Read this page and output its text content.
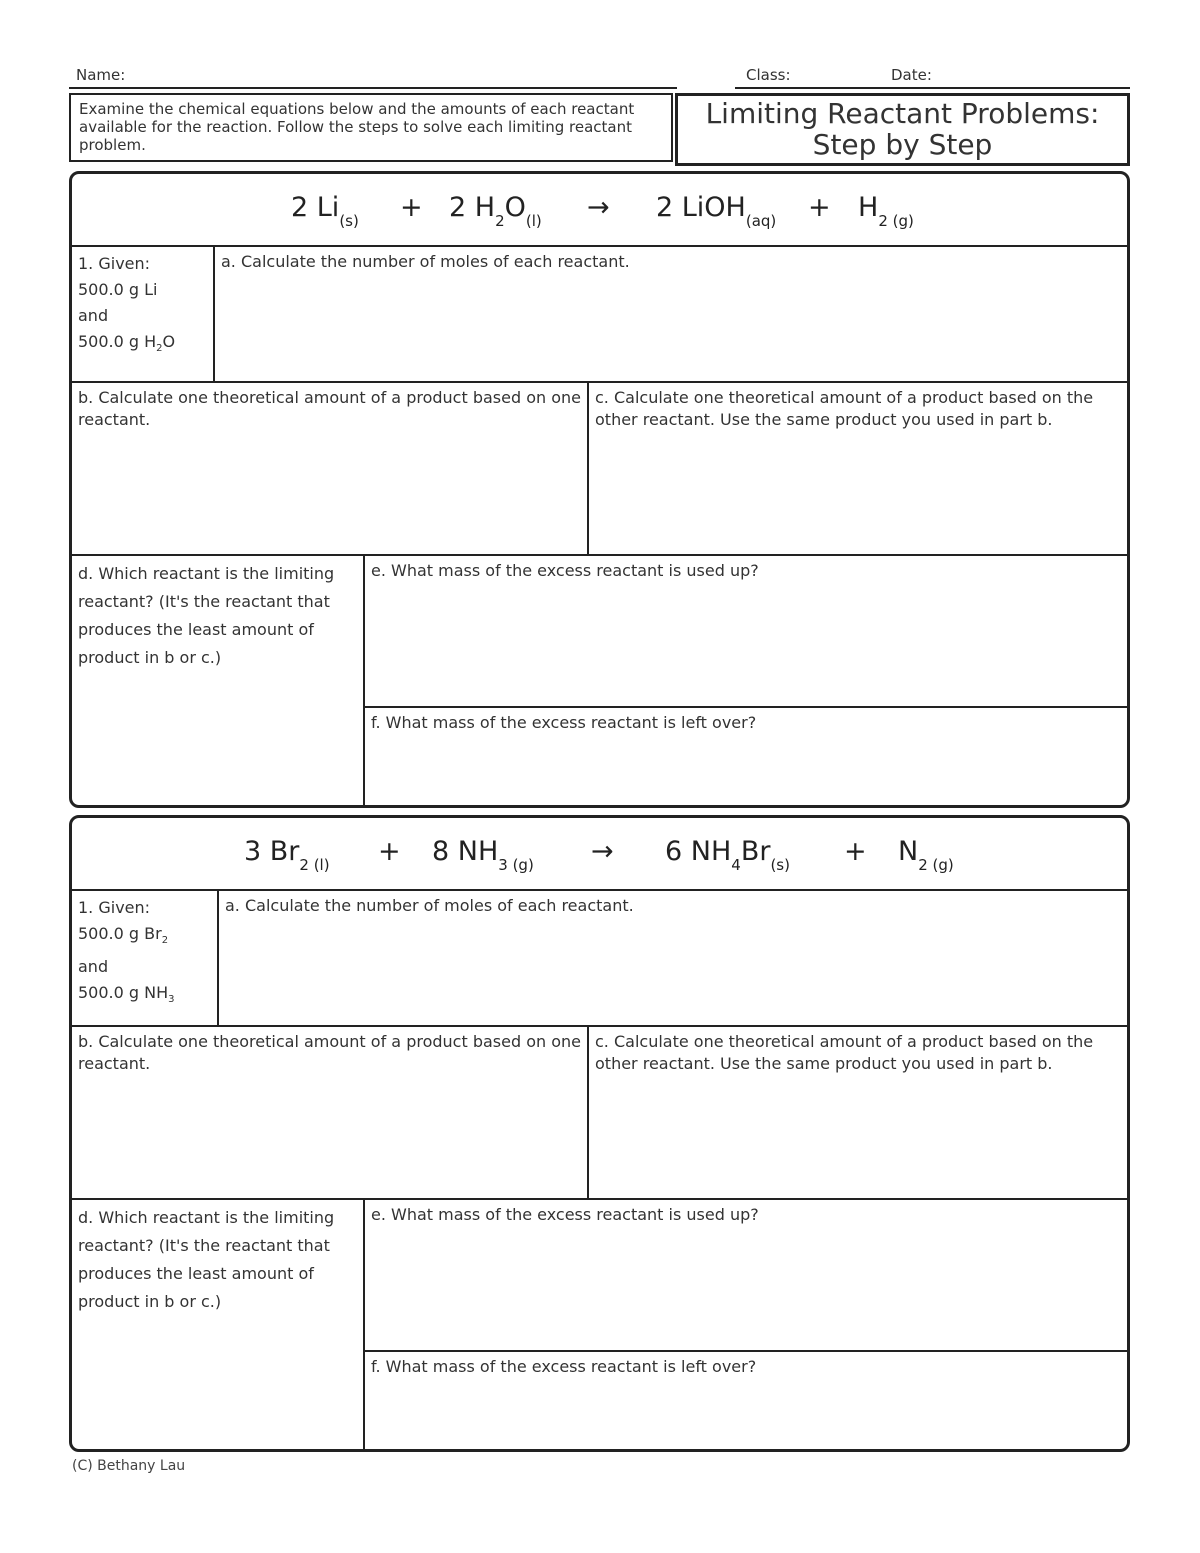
Name:	Class:	Date:
Examine the chemical equations below and the amounts of each reactant available for the reaction. Follow the steps to solve each limiting reactant problem.
Limiting Reactant Problems:
Step by Step
2 $Li_{(s)} + 2$ $H_2O_{(l)} \to 2$ LiOH$_{(aq)}$ + $H_{2 (g)}$
1. Given:
500.0 g Li
and
500.0 g $H_2O$
a. Calculate the number of moles of each reactant.
b. Calculate one theoretical amount of a product based on one reactant.
c. Calculate one theoretical amount of a product based on the other reactant. Use the same product you used in part b.
d. Which reactant is the limiting reactant? (It's the reactant that produces the least amount of product in b or c.)
e. What mass of the excess reactant is used up?
f. What mass of the excess reactant is left over?
3 $Br_{2 (l)} + 8$ $NH_{3 (g)} \to 6$ $NH_4Br_{(s)} + N_{2 (g)}$
1. Given:
500.0 g $Br_2$
and
500.0 g $NH_3$
a. Calculate the number of moles of each reactant.
b. Calculate one theoretical amount of a product based on one reactant.
c. Calculate one theoretical amount of a product based on the other reactant. Use the same product you used in part b.
d. Which reactant is the limiting reactant? (It's the reactant that produces the least amount of product in b or c.)
e. What mass of the excess reactant is used up?
f. What mass of the excess reactant is left over?
(C) Bethany Lau
